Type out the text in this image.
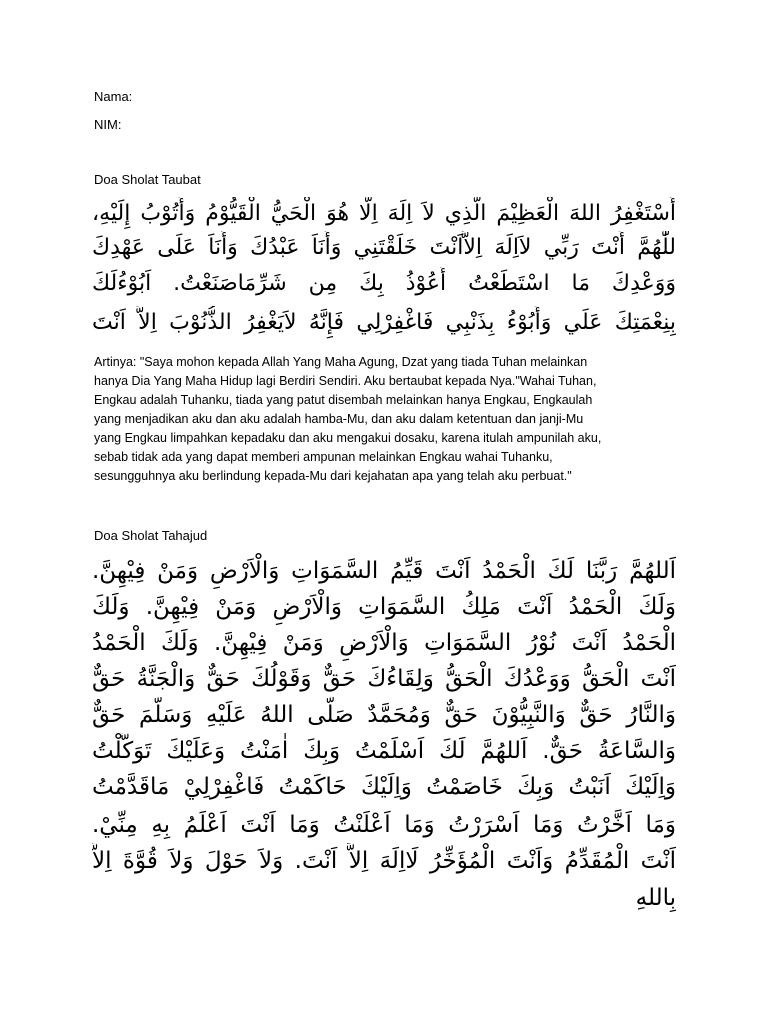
Nama:
NIM:
Doa Sholat Taubat
أَسْتَغْفِرُ اللهَ الْعَظِيْمَ الَّذِي لاَ اِلَهَ اِلَّا هُوَ الْحَيُّ الْقَيُّوْمُ وَأَتُوْبُ إِلَيْهِ،
للّٰهُمَّ أَنْتَ رَبِّي لاَاِلَهَ اِلاَّاَنْتَ خَلَقْتَنِي وَأَنَاَ عَبْدُكَ وَأَنَاَ عَلَى عَهْدِكَ
وَوَعْدِكَ مَا اسْتَطَعْتُ أَعُوْذُ بِكَ مِن شَرِّمَاصَنَعْتُ. اَبُوْءُلَكَ
بِنِعْمَتِكَ عَلَي وَأَبُوْءُ بِذَنْبِي فَاغْفِرْلِي فَإِنَّهُ لاَيَغْفِرُ الذُّنُوْبَ اِلاَّ اَنْتَ
Artinya: "Saya mohon kepada Allah Yang Maha Agung, Dzat yang tiada Tuhan melainkan
hanya Dia Yang Maha Hidup lagi Berdiri Sendiri. Aku bertaubat kepada Nya."Wahai Tuhan,
Engkau adalah Tuhanku, tiada yang patut disembah melainkan hanya Engkau, Engkaulah
yang menjadikan aku dan aku adalah hamba-Mu, dan aku dalam ketentuan dan janji-Mu
yang Engkau limpahkan kepadaku dan aku mengakui dosaku, karena itulah ampunilah aku,
sebab tidak ada yang dapat memberi ampunan melainkan Engkau wahai Tuhanku,
sesungguhnya aku berlindung kepada-Mu dari kejahatan apa yang telah aku perbuat."
Doa Sholat Tahajud
اَللهُمَّ رَبَّنَا لَكَ الْحَمْدُ اَنْتَ قَيِّمُ السَّمَوَاتِ وَالْاَرْضِ وَمَنْ فِيْهِنَّ.
وَلَكَ الْحَمْدُ اَنْتَ مَلِكُ السَّمَوَاتِ وَالْاَرْضِ وَمَنْ فِيْهِنَّ. وَلَكَ
الْحَمْدُ اَنْتَ نُوْرُ السَّمَوَاتِ وَالْاَرْضِ وَمَنْ فِيْهِنَّ. وَلَكَ الْحَمْدُ
اَنْتَ الْحَقُّ وَوَعْدُكَ الْحَقُّ وَلِقَاءُكَ حَقٌّ وَقَوْلُكَ حَقٌّ وَالْجَنَّةُ حَقٌّ
وَالنَّارُ حَقٌّ وَالنَّبِيُّوْنَ حَقٌّ وَمُحَمَّدٌ صَلَّى اللهُ عَلَيْهِ وَسَلَّمَ حَقٌّ
وَالسَّاعَةُ حَقٌّ. اَللهُمَّ لَكَ اَسْلَمْتُ وَبِكَ اٰمَنْتُ وَعَلَيْكَ تَوَكَّلْتُ
وَاِلَيْكَ اَنَبْتُ وَبِكَ خَاصَمْتُ وَاِلَيْكَ حَاكَمْتُ فَاغْفِرْلِيْ مَاقَدَّمْتُ
وَمَا اَخَّرْتُ وَمَا اَسْرَرْتُ وَمَا اَعْلَنْتُ وَمَا اَنْتَ اَعْلَمُ بِهِ مِنِّيْ.
اَنْتَ الْمُقَدِّمُ وَاَنْتَ الْمُؤَخِّرُ لَااِلَهَ اِلاَّ اَنْتَ. وَلاَ حَوْلَ وَلاَ قُوَّةَ اِلاَّ
بِاللهِ
